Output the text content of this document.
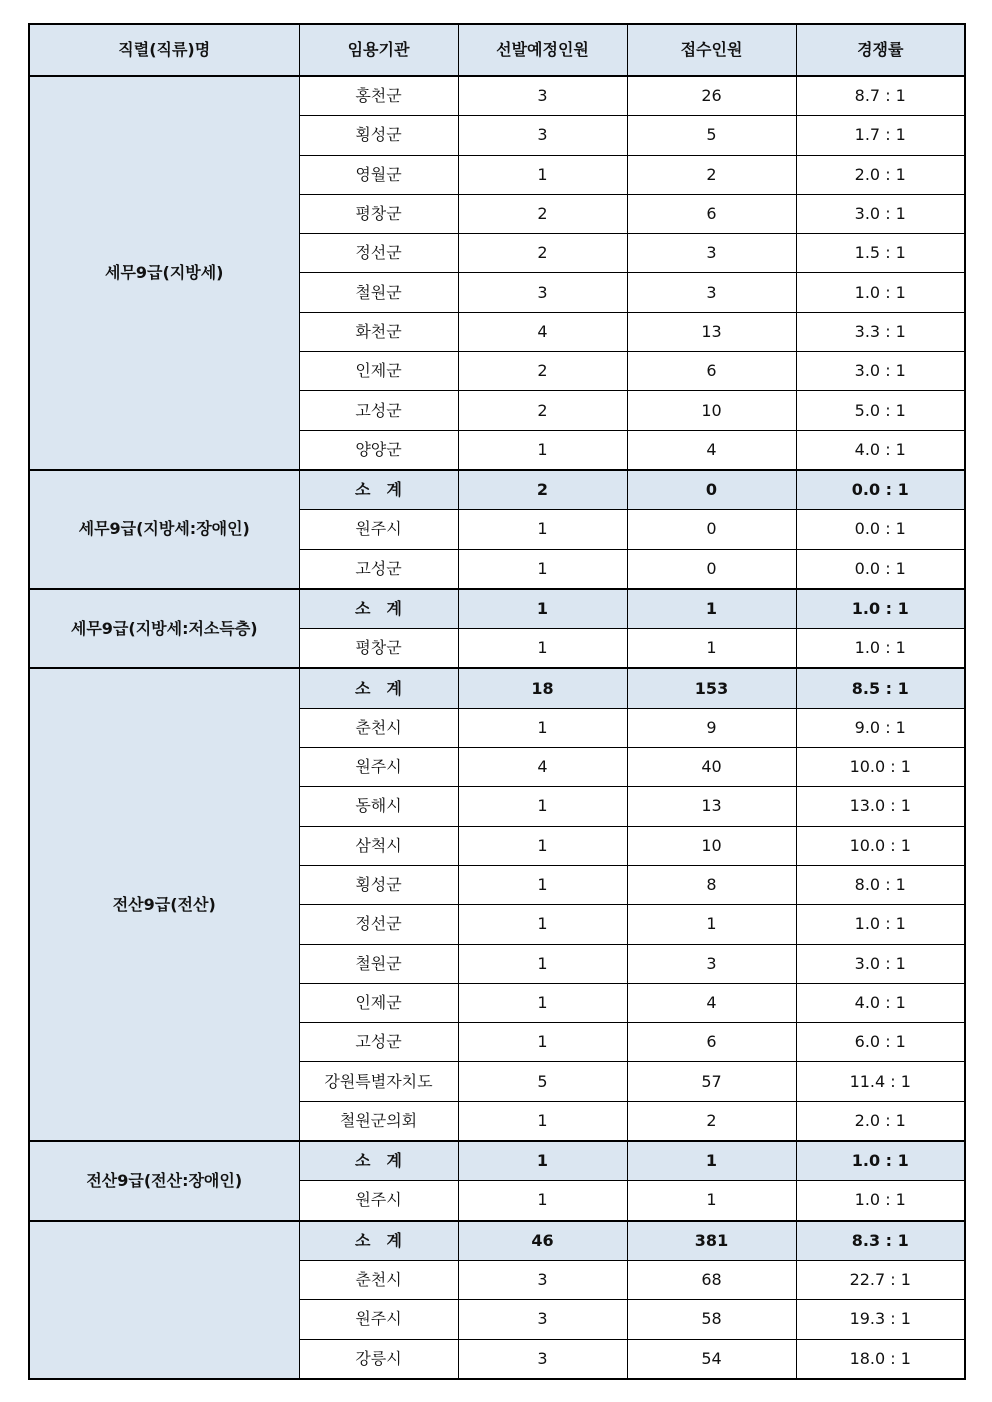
직렬(직류)명	임용기관	선발예정인원	접수인원	경쟁률
세무9급(지방세)	홍천군	3	26	8.7 : 1
	횡성군	3	5	1.7 : 1
	영월군	1	2	2.0 : 1
	평창군	2	6	3.0 : 1
	정선군	2	3	1.5 : 1
	철원군	3	3	1.0 : 1
	화천군	4	13	3.3 : 1
	인제군	2	6	3.0 : 1
	고성군	2	10	5.0 : 1
	양양군	1	4	4.0 : 1
세무9급(지방세:장애인)	소　계	2	0	0.0 : 1
	원주시	1	0	0.0 : 1
	고성군	1	0	0.0 : 1
세무9급(지방세:저소득층)	소　계	1	1	1.0 : 1
	평창군	1	1	1.0 : 1
전산9급(전산)	소　계	18	153	8.5 : 1
	춘천시	1	9	9.0 : 1
	원주시	4	40	10.0 : 1
	동해시	1	13	13.0 : 1
	삼척시	1	10	10.0 : 1
	횡성군	1	8	8.0 : 1
	정선군	1	1	1.0 : 1
	철원군	1	3	3.0 : 1
	인제군	1	4	4.0 : 1
	고성군	1	6	6.0 : 1
	강원특별자치도	5	57	11.4 : 1
	철원군의회	1	2	2.0 : 1
전산9급(전산:장애인)	소　계	1	1	1.0 : 1
	원주시	1	1	1.0 : 1
	소　계	46	381	8.3 : 1
	춘천시	3	68	22.7 : 1
	원주시	3	58	19.3 : 1
	강릉시	3	54	18.0 : 1
